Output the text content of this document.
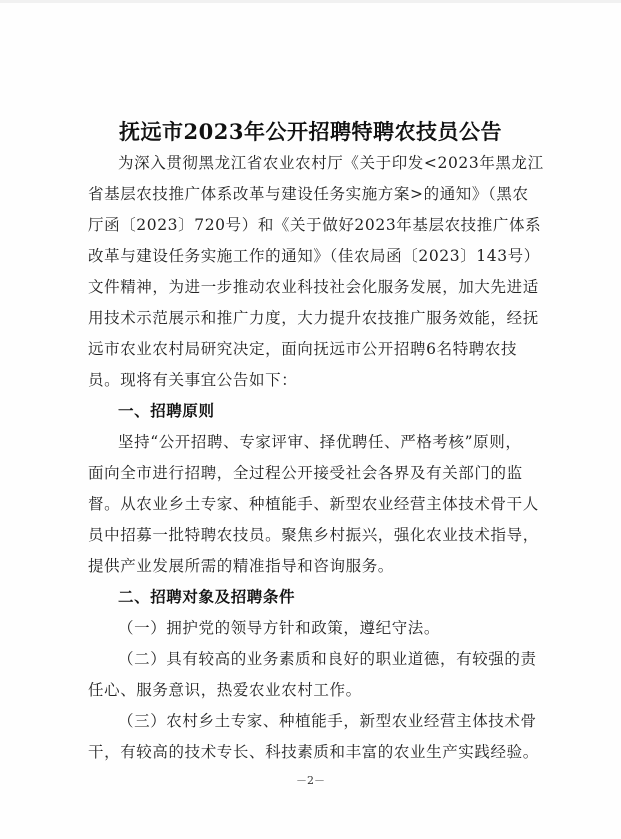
抚远市2023年公开招聘特聘农技员公告
为深入贯彻黑龙江省农业农村厅《关于印发<2023年黑龙江
省基层农技推广体系改革与建设任务实施方案>的通知》（黑农
厅函〔2023〕720号）和《关于做好2023年基层农技推广体系
改革与建设任务实施工作的通知》（佳农局函〔2023〕143号）
文件精神，为进一步推动农业科技社会化服务发展，加大先进适
用技术示范展示和推广力度，大力提升农技推广服务效能，经抚
远市农业农村局研究决定，面向抚远市公开招聘6名特聘农技
员。现将有关事宜公告如下：
一、招聘原则
坚持“公开招聘、专家评审、择优聘任、严格考核”原则，
面向全市进行招聘，全过程公开接受社会各界及有关部门的监
督。从农业乡土专家、种植能手、新型农业经营主体技术骨干人
员中招募一批特聘农技员。聚焦乡村振兴，强化农业技术指导，
提供产业发展所需的精准指导和咨询服务。
二、招聘对象及招聘条件
（一）拥护党的领导方针和政策，遵纪守法。
（二）具有较高的业务素质和良好的职业道德，有较强的责
任心、服务意识，热爱农业农村工作。
（三）农村乡土专家、种植能手，新型农业经营主体技术骨
干，有较高的技术专长、科技素质和丰富的农业生产实践经验。
－2－
